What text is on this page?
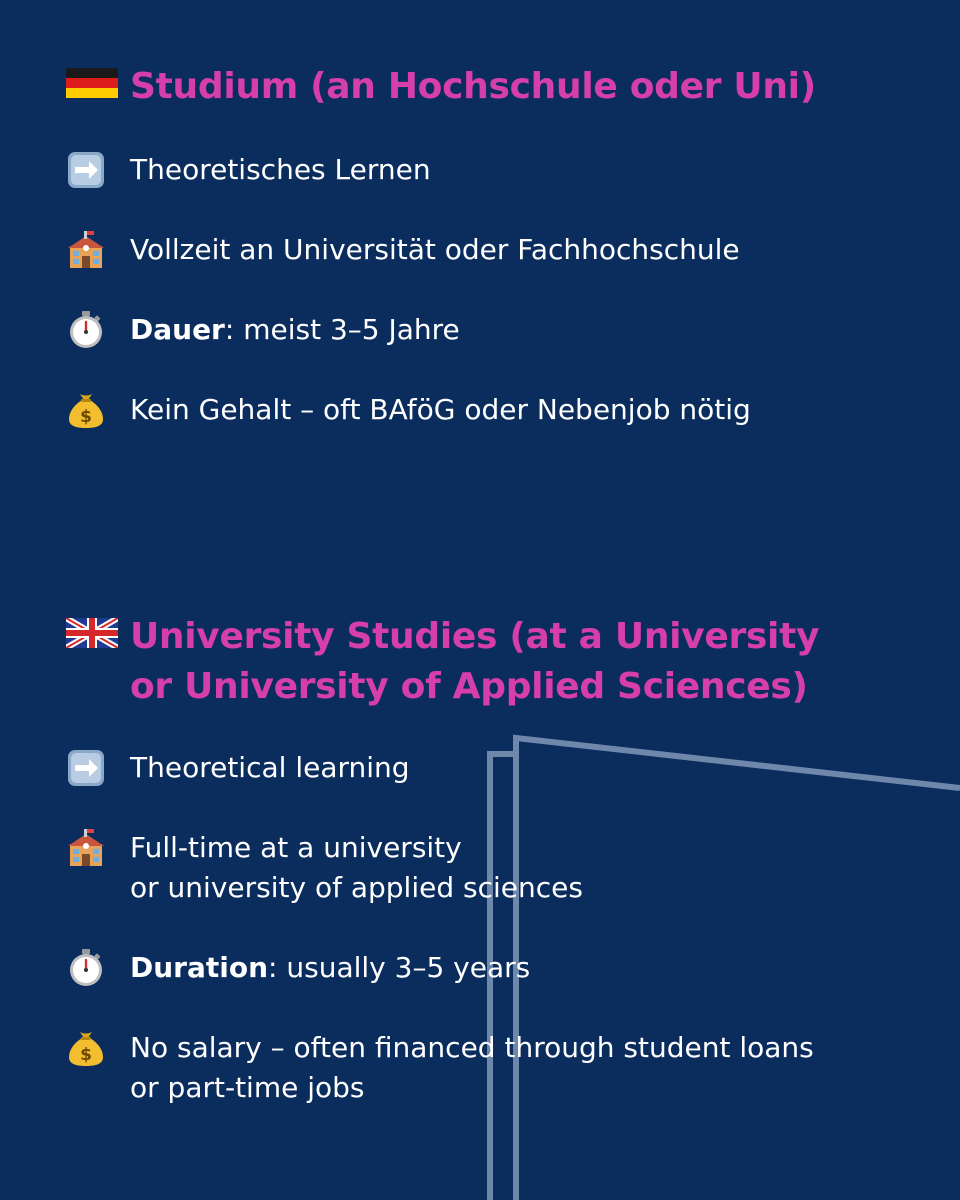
Studium (an Hochschule oder Uni)
Theoretisches Lernen
Vollzeit an Universität oder Fachhochschule
Dauer: meist 3–5 Jahre
$ Kein Gehalt – oft BAföG oder Nebenjob nötig
University Studies (at a University
or University of Applied Sciences)
Theoretical learning
Full-time at a university
or university of applied sciences
Duration: usually 3–5 years
$ No salary – often financed through student loans
or part-time jobs
